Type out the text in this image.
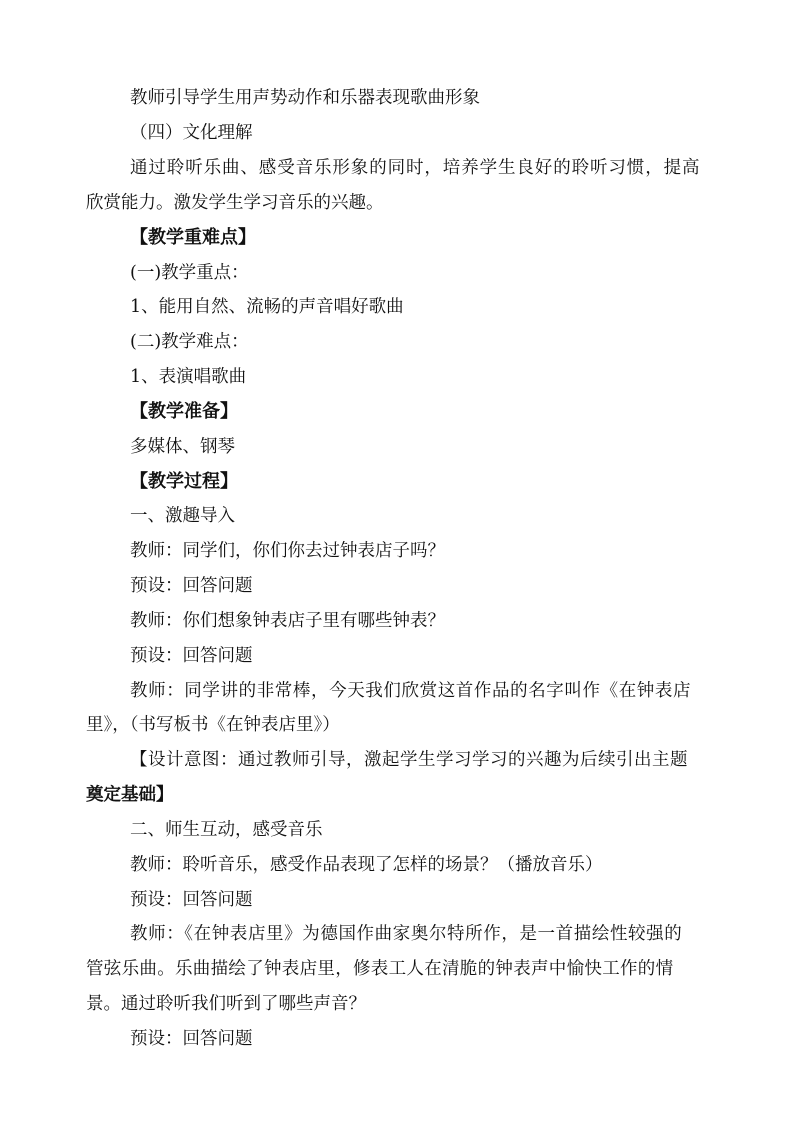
教师引导学生用声势动作和乐器表现歌曲形象
（四）文化理解
通过聆听乐曲、感受音乐形象的同时，培养学生良好的聆听习惯，提高
欣赏能力。激发学生学习音乐的兴趣。
【教学重难点】
(一)教学重点：
1、能用自然、流畅的声音唱好歌曲
(二)教学难点：
1、表演唱歌曲
【教学准备】
多媒体、钢琴
【教学过程】
一、激趣导入
教师：同学们，你们你去过钟表店子吗？
预设：回答问题
教师：你们想象钟表店子里有哪些钟表？
预设：回答问题
教师：同学讲的非常棒，今天我们欣赏这首作品的名字叫作《在钟表店
里》，（书写板书《在钟表店里》）
【设计意图：通过教师引导，激起学生学习学习的兴趣为后续引出主题
奠定基础】
二、师生互动，感受音乐
教师：聆听音乐，感受作品表现了怎样的场景？（播放音乐）
预设：回答问题
教师：《在钟表店里》为德国作曲家奥尔特所作，是一首描绘性较强的
管弦乐曲。乐曲描绘了钟表店里，修表工人在清脆的钟表声中愉快工作的情
景。通过聆听我们听到了哪些声音？
预设：回答问题
